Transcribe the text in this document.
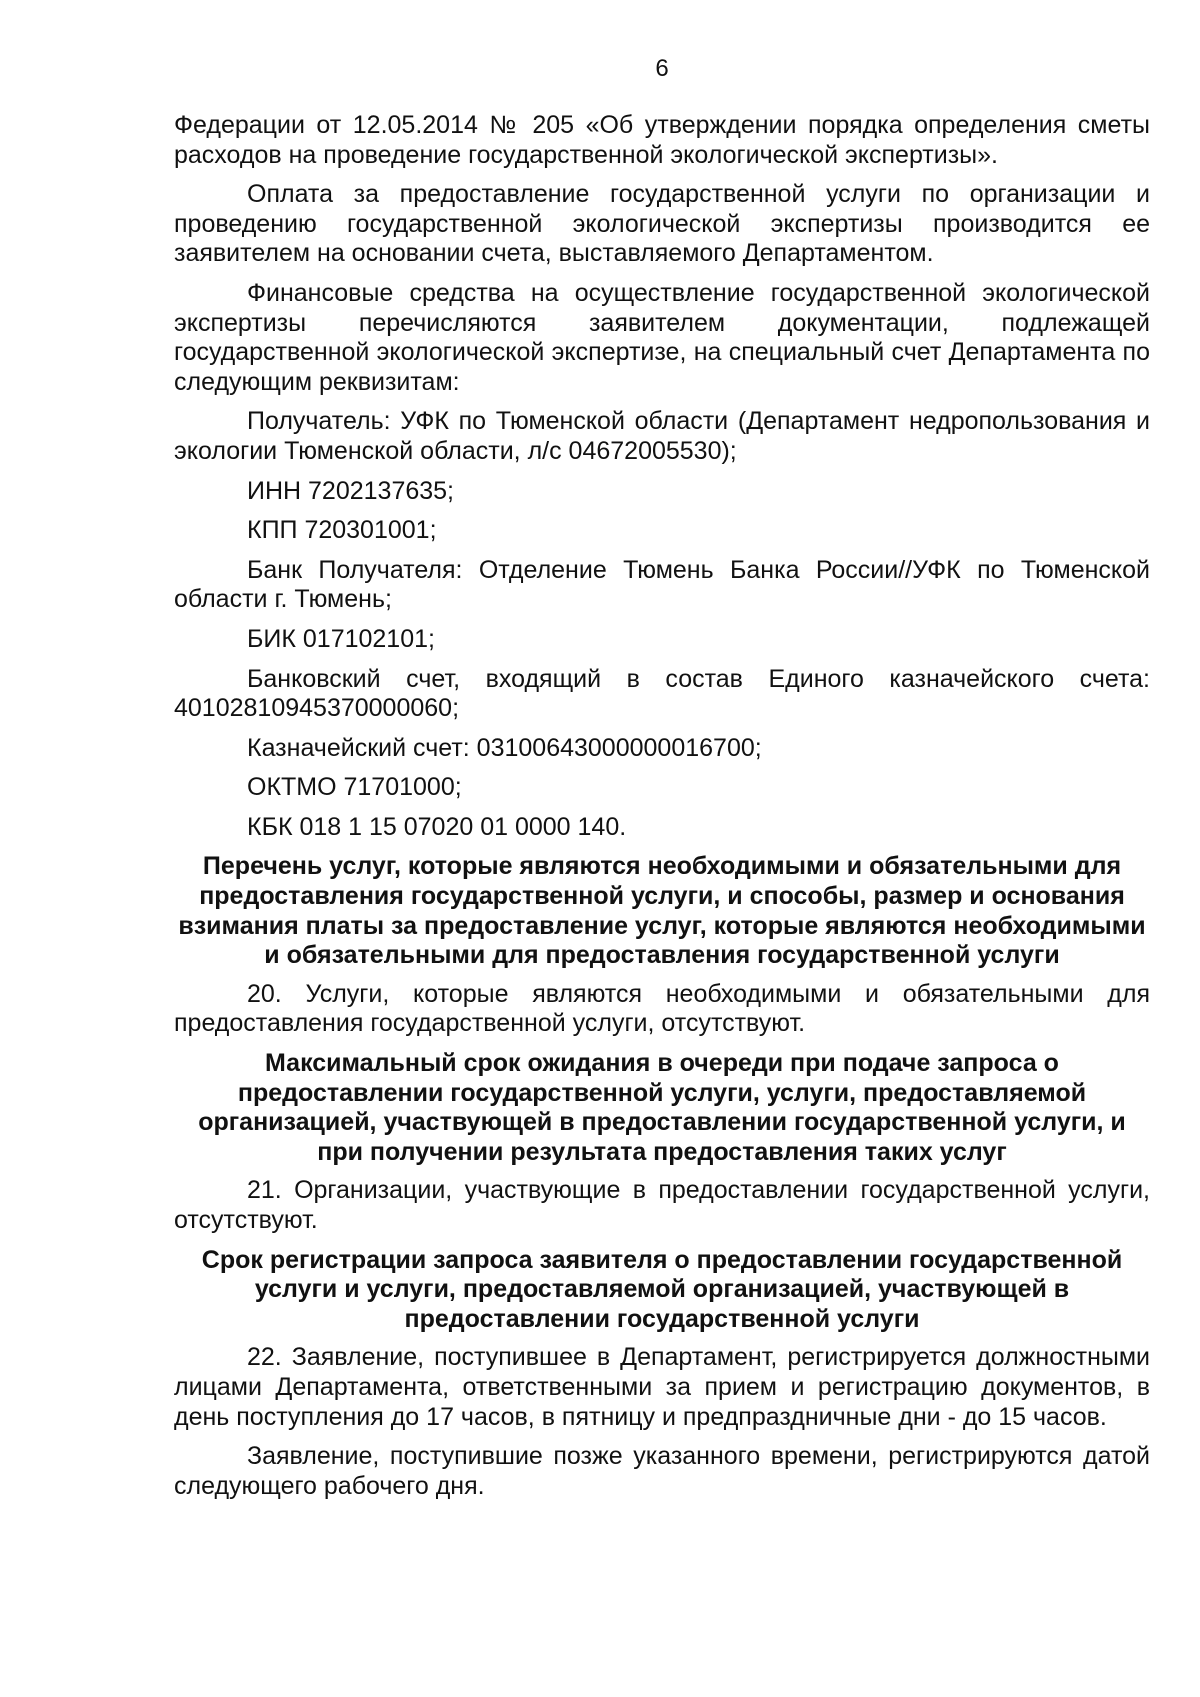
6

Федерации от 12.05.2014 № 205 «Об утверждении порядка определения сметы расходов на проведение государственной экологической экспертизы».

Оплата за предоставление государственной услуги по организации и проведению государственной экологической экспертизы производится ее заявителем на основании счета, выставляемого Департаментом.

Финансовые средства на осуществление государственной экологической экспертизы перечисляются заявителем документации, подлежащей государственной экологической экспертизе, на специальный счет Департамента по следующим реквизитам:

Получатель: УФК по Тюменской области (Департамент недропользования и экологии Тюменской области, л/с 04672005530);

ИНН 7202137635;

КПП 720301001;

Банк Получателя: Отделение Тюмень Банка России//УФК по Тюменской области г. Тюмень;

БИК 017102101;

Банковский счет, входящий в состав Единого казначейского счета: 40102810945370000060;

Казначейский счет: 03100643000000016700;

ОКТМО 71701000;

КБК 018 1 15 07020 01 0000 140.

Перечень услуг, которые являются необходимыми и обязательными для предоставления государственной услуги, и способы, размер и основания взимания платы за предоставление услуг, которые являются необходимыми и обязательными для предоставления государственной услуги

20. Услуги, которые являются необходимыми и обязательными для предоставления государственной услуги, отсутствуют.

Максимальный срок ожидания в очереди при подаче запроса о предоставлении государственной услуги, услуги, предоставляемой организацией, участвующей в предоставлении государственной услуги, и при получении результата предоставления таких услуг

21. Организации, участвующие в предоставлении государственной услуги, отсутствуют.

Срок регистрации запроса заявителя о предоставлении государственной услуги и услуги, предоставляемой организацией, участвующей в предоставлении государственной услуги

22. Заявление, поступившее в Департамент, регистрируется должностными лицами Департамента, ответственными за прием и регистрацию документов, в день поступления до 17 часов, в пятницу и предпраздничные дни - до 15 часов.

Заявление, поступившие позже указанного времени, регистрируются датой следующего рабочего дня.
